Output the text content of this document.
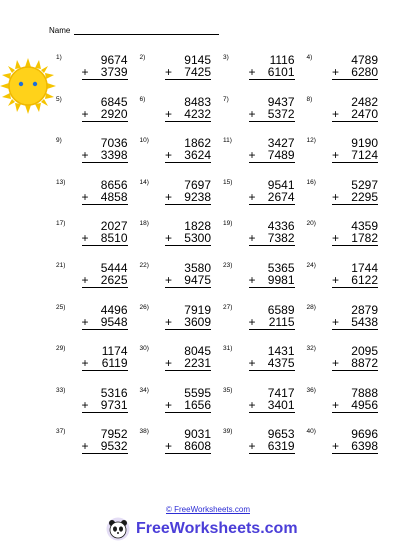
Name
1)	9674
+ 3739
2)	9145
+ 7425
3)	1116
+ 6101
4)	4789
+ 6280
5)	6845
+ 2920
6)	8483
+ 4232
7)	9437
+ 5372
8)	2482
+ 2470
9)	7036
+ 3398
10)	1862
+ 3624
11)	3427
+ 7489
12)	9190
+ 7124
13)	8656
+ 4858
14)	7697
+ 9238
15)	9541
+ 2674
16)	5297
+ 2295
17)	2027
+ 8510
18)	1828
+ 5300
19)	4336
+ 7382
20)	4359
+ 1782
21)	5444
+ 2625
22)	3580
+ 9475
23)	5365
+ 9981
24)	1744
+ 6122
25)	4496
+ 9548
26)	7919
+ 3609
27)	6589
+ 2115
28)	2879
+ 5438
29)	1174
+ 6119
30)	8045
+ 2231
31)	1431
+ 4375
32)	2095
+ 8872
33)	5316
+ 9731
34)	5595
+ 1656
35)	7417
+ 3401
36)	7888
+ 4956
37)	7952
+ 9532
38)	9031
+ 8608
39)	9653
+ 6319
40)	9696
+ 6398
© FreeWorksheets.com
FreeWorksheets.com
